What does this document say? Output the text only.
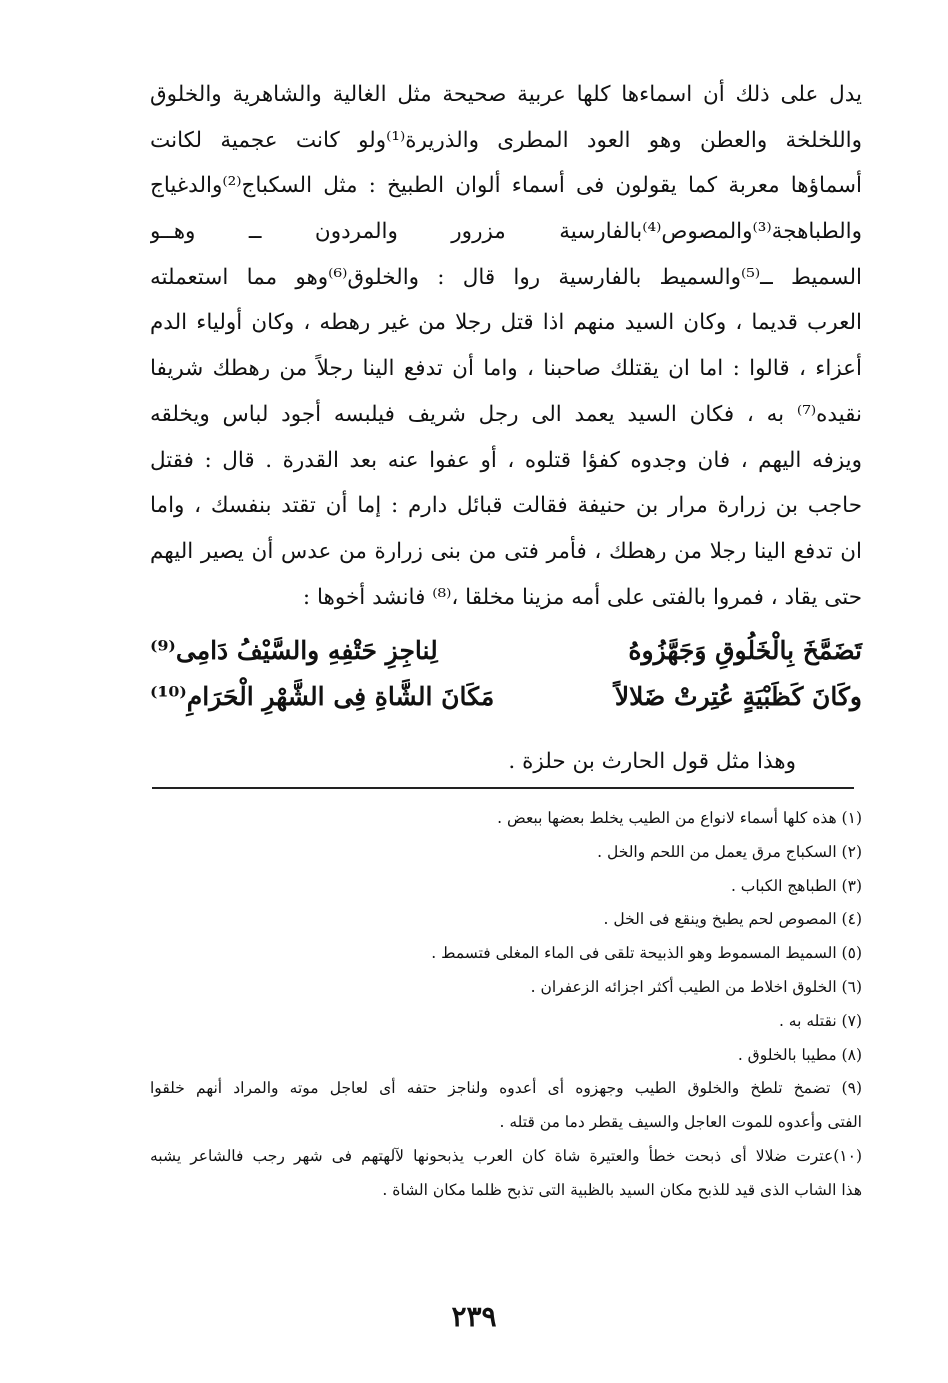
يدل على ذلك أن اسماءها كلها عربية صحيحة مثل الغالية والشاهرية والخلوق
واللخلخة والعطن وهو العود المطرى والذريرة⁽¹⁾ولو كانت عجمية لكانت
أسماؤها معربة كما يقولون فى أسماء ألوان الطبيخ : مثل السكباج⁽²⁾والدغياج
والطباهجة⁽³⁾والمصوص⁽⁴⁾بالفارسية مزرور والمردون ــ وهــو
السميط ــ⁽⁵⁾والسميط بالفارسية روا قال : والخلوق⁽⁶⁾وهو مما استعملته
العرب قديما ، وكان السيد منهم اذا قتل رجلا من غير رهطه ، وكان أولياء الدم
أعزاء ، قالوا : اما ان يقتلك صاحبنا ، واما أن تدفع الينا رجلاً من رهطك شريفا
نقيده⁽⁷⁾ به ، فكان السيد يعمد الى رجل شريف فيلبسه أجود لباس ويخلقه
ويزفه اليهم ، فان وجدوه كفؤا قتلوه ، أو عفوا عنه بعد القدرة . قال : فقتل
حاجب بن زرارة مرار بن حنيفة فقالت قبائل دارم : إما أن تقتد بنفسك ، واما
ان تدفع الينا رجلا من رهطك ، فأمر فتى من بنى زرارة من عدس أن يصير اليهم
حتى يقاد ، فمروا بالفتى على أمه مزينا مخلقا ،⁽⁸⁾ فانشد أخوها :
تَضَمَّخَ بِالْخَلُوقِ وَجَهَّزُوهُ
لِناجِزِ حَتْفِهِ والسَّيْفُ دَامِى⁽⁹⁾
وكَانَ كَظَبْيَةٍ عُتِرتْ ضَلالاً
مَكَانَ الشَّاةِ فِى الشَّهْرِ الْحَرَامِ⁽¹⁰⁾
وهذا مثل قول الحارث بن حلزة .
(١) هذه كلها أسماء لانواع من الطيب يخلط بعضها ببعض .
(٢) السكباج مرق يعمل من اللحم والخل .
(٣) الطباهج الكباب .
(٤) المصوص لحم يطبخ وينقع فى الخل .
(٥) السميط المسموط وهو الذبيحة تلقى فى الماء المغلى فتسمط .
(٦) الخلوق اخلاط من الطيب أكثر اجزائه الزعفران .
(٧) نقتله به .
(٨) مطيبا بالخلوق .
(٩) تضمخ تلطخ والخلوق الطيب وجهزوه أى أعدوه ولناجز حتفه أى لعاجل موته والمراد أنهم خلقوا
الفتى وأعدوه للموت العاجل والسيف يقطر دما من قتله .
(١٠)عترت ضلالا أى ذبحت خطأ والعتيرة شاة كان العرب يذبحونها لآلهتهم فى شهر رجب فالشاعر يشبه
هذا الشاب الذى قيد للذبح مكان السيد بالظبية التى تذبح ظلما مكان الشاة .
٢٣٩
